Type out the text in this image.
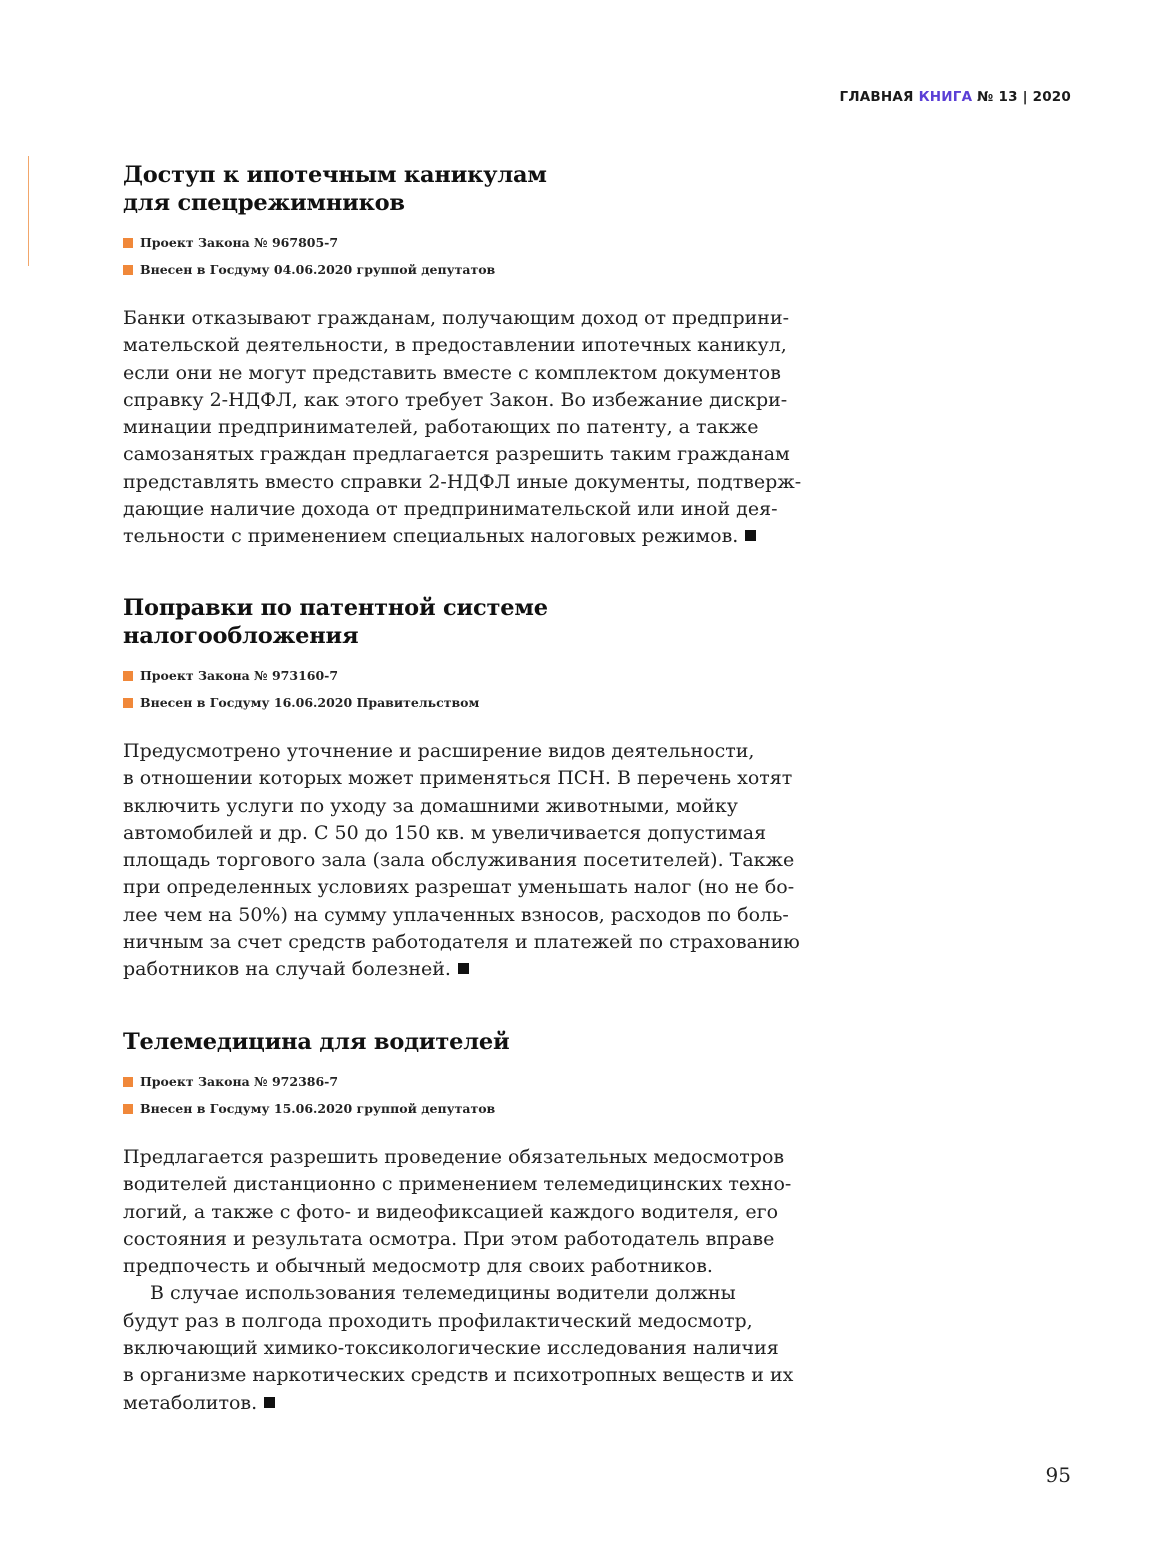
ГЛАВНАЯ КНИГА № 13 | 2020
Доступ к ипотечным каникулам
для спецрежимников
Проект Закона № 967805-7
Внесен в Госдуму 04.06.2020 группой депутатов

Банки отказывают гражданам, получающим доход от предприни-
мательской деятельности, в предоставлении ипотечных каникул,
если они не могут представить вместе с комплектом документов
справку 2-НДФЛ, как этого требует Закон. Во избежание дискри-
минации предпринимателей, работающих по патенту, а также
самозанятых граждан предлагается разрешить таким гражданам
представлять вместо справки 2-НДФЛ иные документы, подтверж-
дающие наличие дохода от предпринимательской или иной дея-
тельности с применением специальных налоговых режимов.

Поправки по патентной системе
налогообложения
Проект Закона № 973160-7
Внесен в Госдуму 16.06.2020 Правительством

Предусмотрено уточнение и расширение видов деятельности,
в отношении которых может применяться ПСН. В перечень хотят
включить услуги по уходу за домашними животными, мойку
автомобилей и др. С 50 до 150 кв. м увеличивается допустимая
площадь торгового зала (зала обслуживания посетителей). Также
при определенных условиях разрешат уменьшать налог (но не бо-
лее чем на 50%) на сумму уплаченных взносов, расходов по боль-
ничным за счет средств работодателя и платежей по страхованию
работников на случай болезней.

Телемедицина для водителей
Проект Закона № 972386-7
Внесен в Госдуму 15.06.2020 группой депутатов

Предлагается разрешить проведение обязательных медосмотров
водителей дистанционно с применением телемедицинских техно-
логий, а также с фото- и видеофиксацией каждого водителя, его
состояния и результата осмотра. При этом работодатель вправе
предпочесть и обычный медосмотр для своих работников.

В случае использования телемедицины водители должны
будут раз в полгода проходить профилактический медосмотр,
включающий химико-токсикологические исследования наличия
в организме наркотических средств и психотропных веществ и их
метаболитов.

95
